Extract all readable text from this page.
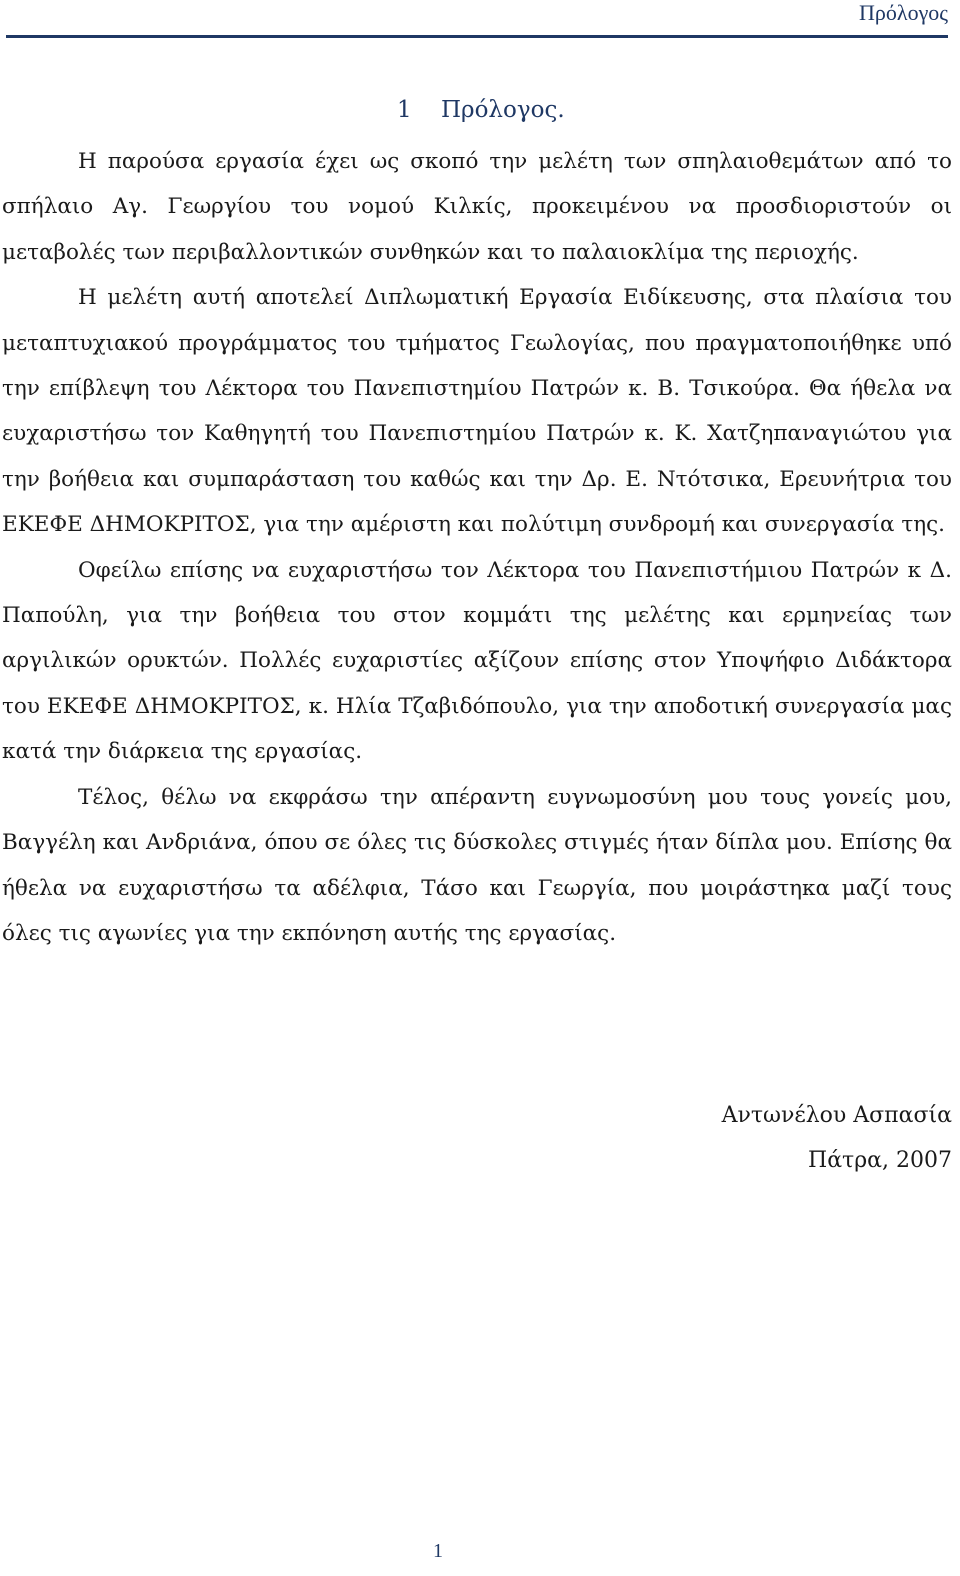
Πρόλογος
1 Πρόλογος.

Η παρούσα εργασία έχει ως σκοπό την μελέτη των σπηλαιοθεμάτων από το σπήλαιο Αγ. Γεωργίου του νομού Κιλκίς, προκειμένου να προσδιοριστούν οι μεταβολές των περιβαλλοντικών συνθηκών και το παλαιοκλίμα της περιοχής.

Η μελέτη αυτή αποτελεί Διπλωματική Εργασία Ειδίκευσης, στα πλαίσια του μεταπτυχιακού προγράμματος του τμήματος Γεωλογίας, που πραγματοποιήθηκε υπό την επίβλεψη του Λέκτορα του Πανεπιστημίου Πατρών κ. Β. Τσικούρα. Θα ήθελα να ευχαριστήσω τον Καθηγητή του Πανεπιστημίου Πατρών κ. Κ. Χατζηπαναγιώτου για την βοήθεια και συμπαράσταση του καθώς και την Δρ. Ε. Ντότσικα, Ερευνήτρια του ΕΚΕΦΕ ΔΗΜΟΚΡΙΤΟΣ, για την αμέριστη και πολύτιμη συνδρομή και συνεργασία της.

Οφείλω επίσης να ευχαριστήσω τον Λέκτορα του Πανεπιστήμιου Πατρών κ Δ. Παπούλη, για την βοήθεια του στον κομμάτι της μελέτης και ερμηνείας των αργιλικών ορυκτών. Πολλές ευχαριστίες αξίζουν επίσης στον Υποψήφιο Διδάκτορα του ΕΚΕΦΕ ΔΗΜΟΚΡΙΤΟΣ, κ. Ηλία Τζαβιδόπουλο, για την αποδοτική συνεργασία μας κατά την διάρκεια της εργασίας.

Τέλος, θέλω να εκφράσω την απέραντη ευγνωμοσύνη μου τους γονείς μου, Βαγγέλη και Ανδριάνα, όπου σε όλες τις δύσκολες στιγμές ήταν δίπλα μου. Επίσης θα ήθελα να ευχαριστήσω τα αδέλφια, Τάσο και Γεωργία, που μοιράστηκα μαζί τους όλες τις αγωνίες για την εκπόνηση αυτής της εργασίας.

Αντωνέλου Ασπασία
Πάτρα, 2007
1
